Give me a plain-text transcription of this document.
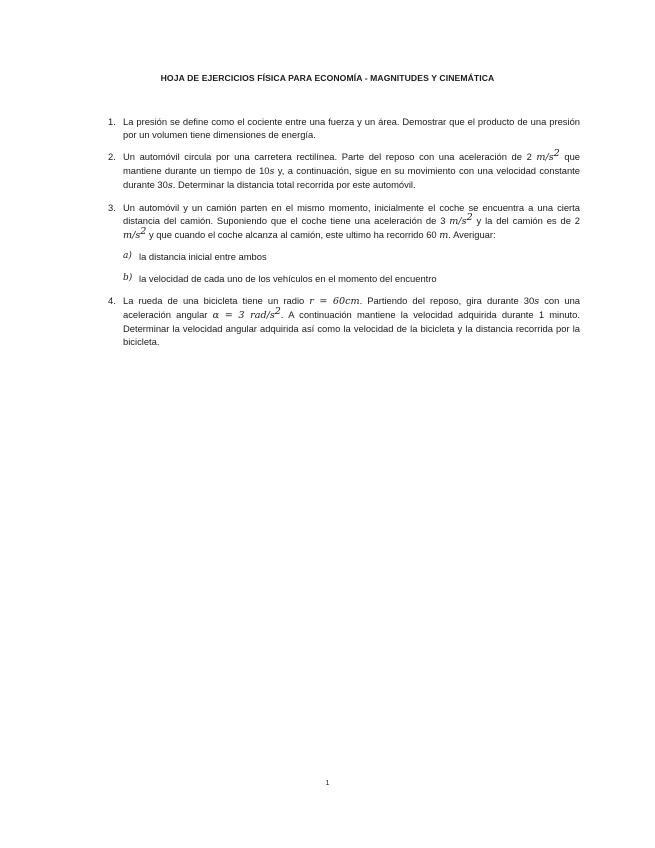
HOJA DE EJERCICIOS FÍSICA PARA ECONOMÍA - MAGNITUDES Y CINEMÁTICA
1. La presión se define como el cociente entre una fuerza y un área. Demostrar que el producto de una presión por un volumen tiene dimensiones de energía.
2. Un automóvil circula por una carretera rectilínea. Parte del reposo con una aceleración de 2 $m/s^2$ que mantiene durante un tiempo de 10s y, a continuación, sigue en su movimiento con una velocidad constante durante 30s. Determinar la distancia total recorrida por este automóvil.
3. Un automóvil y un camión parten en el mismo momento, inicialmente el coche se encuentra a una cierta distancia del camión. Suponiendo que el coche tiene una aceleración de 3 $m/s^2$ y la del camión es de 2 $m/s^2$ y que cuando el coche alcanza al camión, este ultimo ha recorrido 60 m. Averiguar:
a) la distancia inicial entre ambos
b) la velocidad de cada uno de los vehículos en el momento del encuentro
4. La rueda de una bicicleta tiene un radio r = 60cm. Partiendo del reposo, gira durante 30s con una aceleración angular α = 3 rad/$s^2$. A continuación mantiene la velocidad adquirida durante 1 minuto. Determinar la velocidad angular adquirida así como la velocidad de la bicicleta y la distancia recorrida por la bicicleta.
1
